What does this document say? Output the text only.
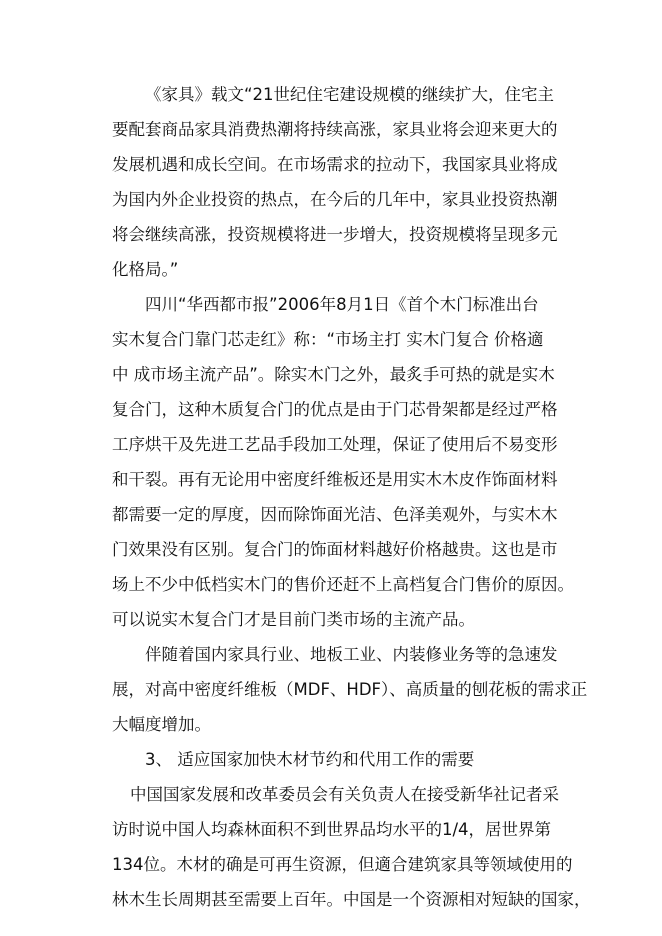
《家具》载文“21世纪住宅建设规模的继续扩大，住宅主
要配套商品家具消费热潮将持续高涨，家具业将会迎来更大的
发展机遇和成长空间。在市场需求的拉动下，我国家具业将成
为国内外企业投资的热点，在今后的几年中，家具业投资热潮
将会继续高涨，投资规模将进一步增大，投资规模将呈现多元
化格局。”
四川“华西都市报”2006年8月1日《首个木门标准出台
实木复合门靠门芯走红》称：“市场主打 实木门复合 价格適
中 成市场主流产品”。除实木门之外，最炙手可热的就是实木
复合门，这种木质复合门的优点是由于门芯骨架都是经过严格
工序烘干及先进工艺品手段加工处理，保证了使用后不易变形
和干裂。再有无论用中密度纤维板还是用实木木皮作饰面材料
都需要一定的厚度，因而除饰面光洁、色泽美观外，与实木木
门效果没有区别。复合门的饰面材料越好价格越贵。这也是市
场上不少中低档实木门的售价还赶不上高档复合门售价的原因。
可以说实木复合门才是目前门类市场的主流产品。
伴随着国内家具行业、地板工业、内装修业务等的急速发
展，对高中密度纤维板（MDF、HDF）、高质量的刨花板的需求正
大幅度增加。
3、 适应国家加快木材节约和代用工作的需要
中国国家发展和改革委员会有关负责人在接受新华社记者采
访时说中国人均森林面积不到世界品均水平的1/4，居世界第
134位。木材的确是可再生资源，但適合建筑家具等领域使用的
林木生长周期甚至需要上百年。中国是一个资源相对短缺的国家，
